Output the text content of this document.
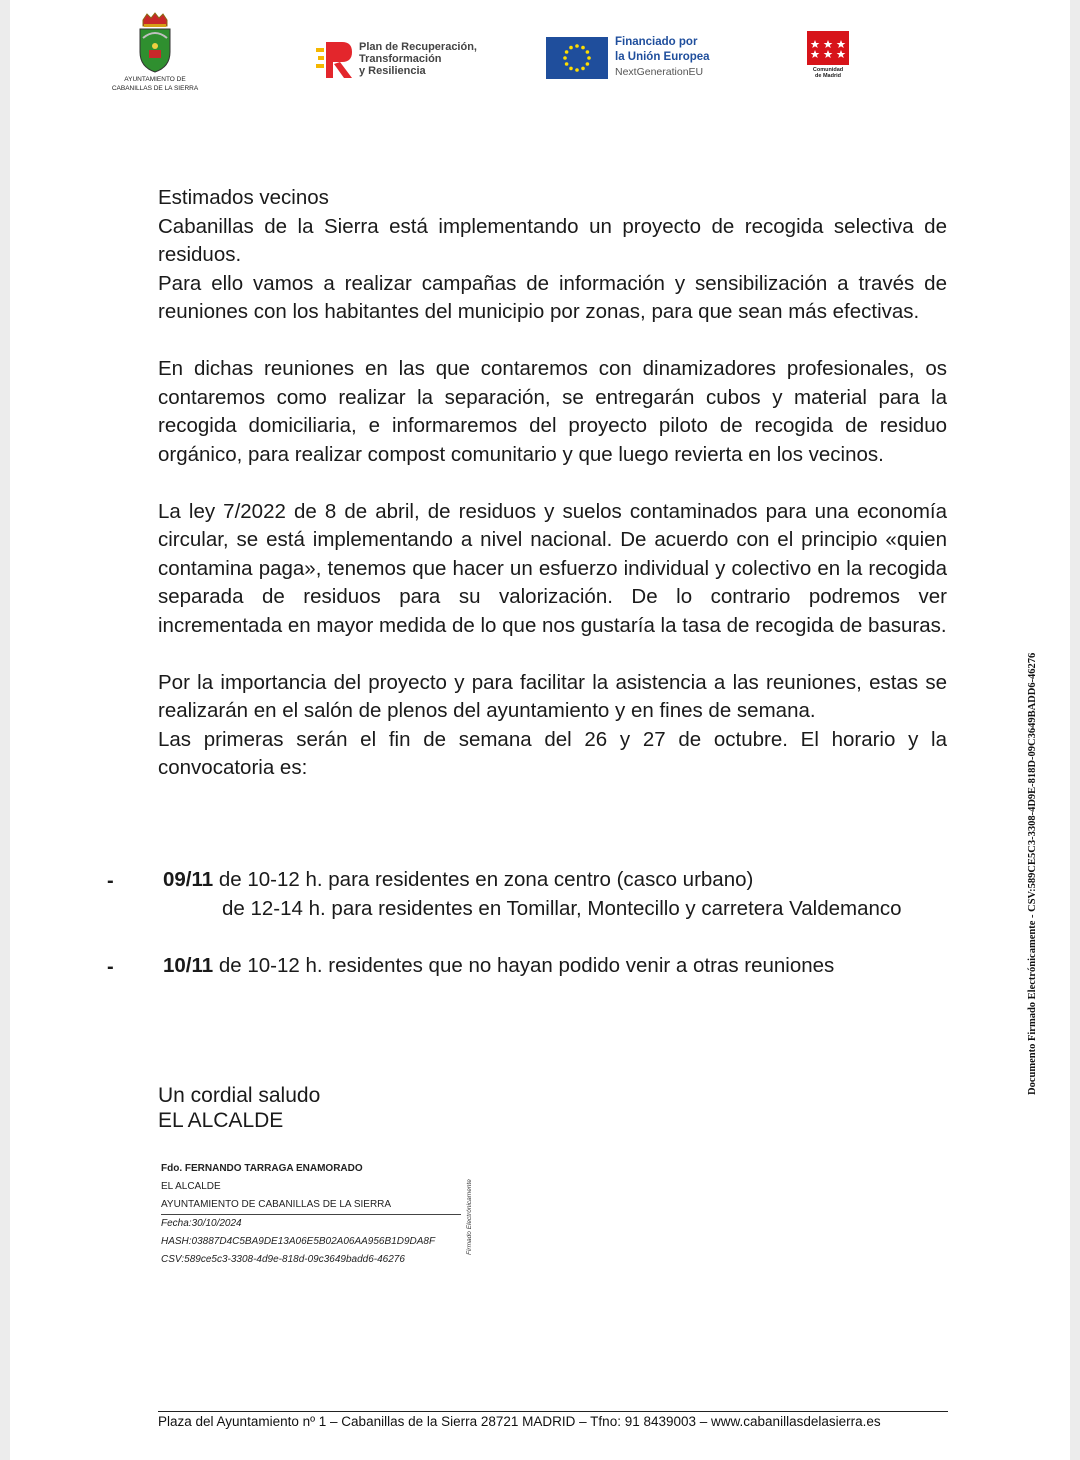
AYUNTAMIENTO DE
CABANILLAS DE LA SIERRA
Plan de Recuperación,
Transformación
y Resiliencia
Financiado por
la Unión Europea
NextGenerationEU	Comunidad
de Madrid

Estimados vecinos

Cabanillas de la Sierra está implementando un proyecto de recogida selectiva de residuos.

Para ello vamos a realizar campañas de información y sensibilización a través de reuniones con los habitantes del municipio por zonas, para que sean más efectivas.

En dichas reuniones en las que contaremos con dinamizadores profesionales, os contaremos como realizar la separación, se entregarán cubos y material para la recogida domiciliaria, e informaremos del proyecto piloto de recogida de residuo orgánico, para realizar compost comunitario y que luego revierta en los vecinos.

La ley 7/2022 de 8 de abril, de residuos y suelos contaminados para una economía circular, se está implementando a nivel nacional. De acuerdo con el principio «quien contamina paga», tenemos que hacer un esfuerzo individual y colectivo en la recogida separada de residuos para su valorización. De lo contrario podremos ver incrementada en mayor medida de lo que nos gustaría la tasa de recogida de basuras.

Por la importancia del proyecto y para facilitar la asistencia a las reuniones, estas se realizarán en el salón de plenos del ayuntamiento y en fines de semana.

Las primeras serán el fin de semana del 26 y 27 de octubre. El horario y la convocatoria es:

- 09/11 de 10-12 h. para residentes en zona centro (casco urbano)
de 12-14 h. para residentes en Tomillar, Montecillo y carretera Valdemanco
- 10/11 de 10-12 h. residentes que no hayan podido venir a otras reuniones
Un cordial saludo
EL ALCALDE
Fdo. FERNANDO TARRAGA ENAMORADO
EL ALCALDE
AYUNTAMIENTO DE CABANILLAS DE LA SIERRA
Fecha:30/10/2024
HASH:03887D4C5BA9DE13A06E5B02A06AA956B1D9DA8F
CSV:589ce5c3-3308-4d9e-818d-09c3649badd6-46276
Firmado Electrónicamente
Documento Firmado Electrónicamente - CSV:589CE5C3-3308-4D9E-818D-09C3649BADD6-46276
Plaza del Ayuntamiento nº 1 – Cabanillas de la Sierra 28721 MADRID – Tfno: 91 8439003 – www.cabanillasdelasierra.es
